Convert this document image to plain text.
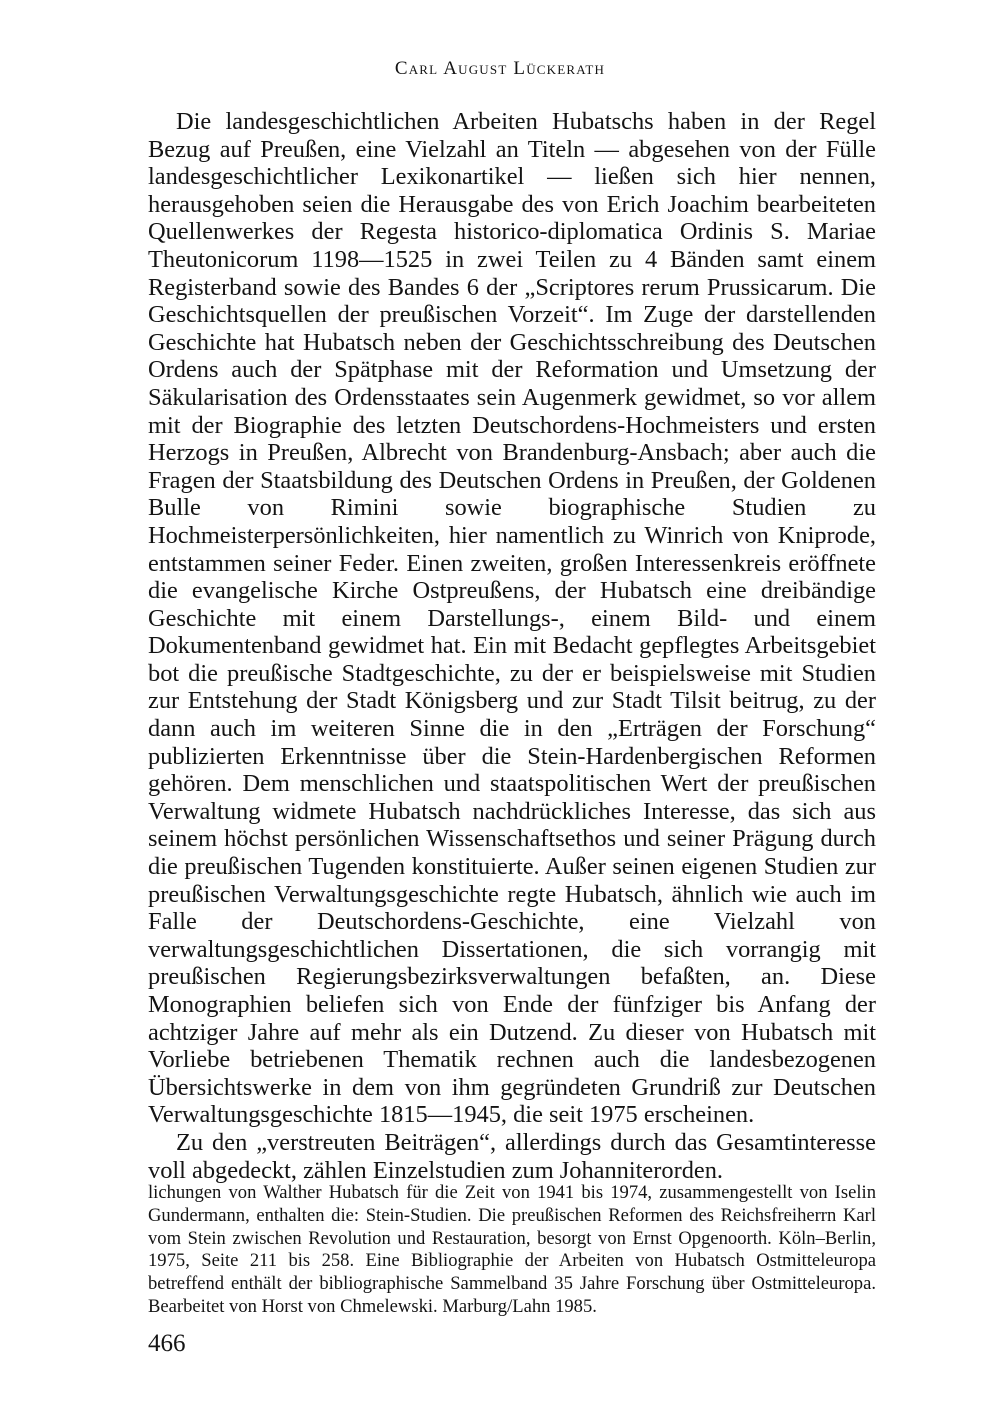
Carl August Lückerath

Die landesgeschichtlichen Arbeiten Hubatschs haben in der Regel Bezug auf Preußen, eine Vielzahl an Titeln — abgesehen von der Fülle landesgeschichtlicher Lexikonartikel — ließen sich hier nennen, herausgehoben seien die Herausgabe des von Erich Joachim bearbeiteten Quellenwerkes der Regesta historico-diplomatica Ordinis S. Mariae Theutonicorum 1198—1525 in zwei Teilen zu 4 Bänden samt einem Registerband sowie des Bandes 6 der „Scriptores rerum Prussicarum. Die Geschichtsquellen der preußischen Vorzeit“. Im Zuge der darstellenden Geschichte hat Hubatsch neben der Geschichtsschreibung des Deutschen Ordens auch der Spätphase mit der Reformation und Umsetzung der Säkularisation des Ordensstaates sein Augenmerk gewidmet, so vor allem mit der Biographie des letzten Deutschordens-Hochmeisters und ersten Herzogs in Preußen, Albrecht von Brandenburg-Ansbach; aber auch die Fragen der Staatsbildung des Deutschen Ordens in Preußen, der Goldenen Bulle von Rimini sowie biographische Studien zu Hochmeisterpersönlichkeiten, hier namentlich zu Winrich von Kniprode, entstammen seiner Feder. Einen zweiten, großen Interessenkreis eröffnete die evangelische Kirche Ostpreußens, der Hubatsch eine dreibändige Geschichte mit einem Darstellungs-, einem Bild- und einem Dokumentenband gewidmet hat. Ein mit Bedacht gepflegtes Arbeitsgebiet bot die preußische Stadtgeschichte, zu der er beispielsweise mit Studien zur Entstehung der Stadt Königsberg und zur Stadt Tilsit beitrug, zu der dann auch im weiteren Sinne die in den „Erträgen der Forschung“ publizierten Erkenntnisse über die Stein-Hardenbergischen Reformen gehören. Dem menschlichen und staatspolitischen Wert der preußischen Verwaltung widmete Hubatsch nachdrückliches Interesse, das sich aus seinem höchst persönlichen Wissenschaftsethos und seiner Prägung durch die preußischen Tugenden konstituierte. Außer seinen eigenen Studien zur preußischen Verwaltungsgeschichte regte Hubatsch, ähnlich wie auch im Falle der Deutschordens-Geschichte, eine Vielzahl von verwaltungsgeschichtlichen Dissertationen, die sich vorrangig mit preußischen Regierungsbezirksverwaltungen befaßten, an. Diese Monographien beliefen sich von Ende der fünfziger bis Anfang der achtziger Jahre auf mehr als ein Dutzend. Zu dieser von Hubatsch mit Vorliebe betriebenen Thematik rechnen auch die landesbezogenen Übersichtswerke in dem von ihm gegründeten Grundriß zur Deutschen Verwaltungsgeschichte 1815—1945, die seit 1975 erscheinen.

Zu den „verstreuten Beiträgen“, allerdings durch das Gesamtinteresse voll abgedeckt, zählen Einzelstudien zum Johanniterorden.

lichungen von Walther Hubatsch für die Zeit von 1941 bis 1974, zusammengestellt von Iselin Gundermann, enthalten die: Stein-Studien. Die preußischen Reformen des Reichsfreiherrn Karl vom Stein zwischen Revolution und Restauration, besorgt von Ernst Opgenoorth. Köln–Berlin, 1975, Seite 211 bis 258. Eine Bibliographie der Arbeiten von Hubatsch Ostmitteleuropa betreffend enthält der bibliographische Sammelband 35 Jahre Forschung über Ostmitteleuropa. Bearbeitet von Horst von Chmelewski. Marburg/Lahn 1985.

466
